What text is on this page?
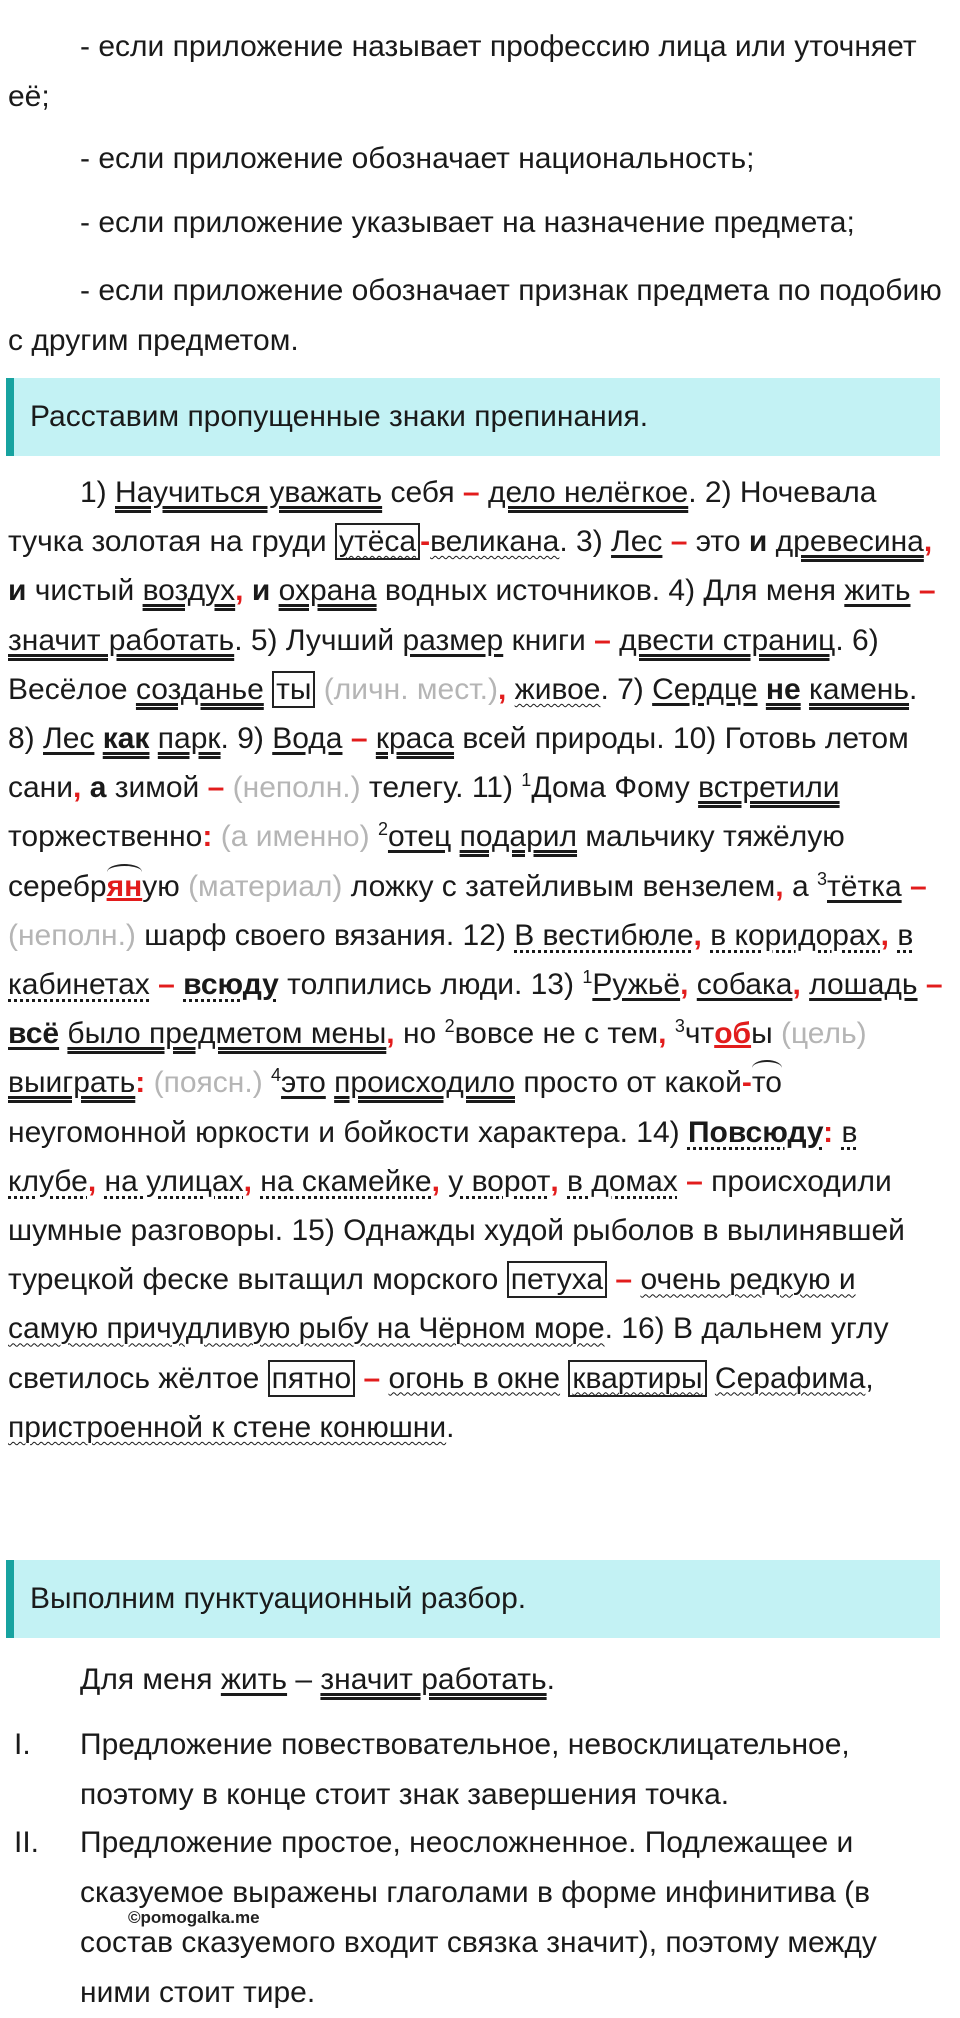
- если приложение называет профессию лица или уточняет её;
- если приложение обозначает национальность;
- если приложение указывает на назначение предмета;
- если приложение обозначает признак предмета по подобию с другим предметом.
Расставим пропущенные знаки препинания.

1) Научиться уважать себя – дело нелёгкое. 2) Ночевала тучка золотая на груди утёса -великана. 3) Лес – это и древесина, и чистый воздух, и охрана водных источников. 4) Для меня жить – значит работать. 5) Лучший размер книги – двести страниц. 6) Весёлое созданье ты (личн. мест.), живое. 7) Сердце не камень. 8) Лес как парк. 9) Вода – краса всей природы. 10) Готовь летом сани, а зимой – (неполн.) телегу. 11) $^1$Дома Фому встретили торжественно: (а именно) $^2$отец подарил мальчику тяжёлую серебряную (материал) ложку с затейливым вензелем, а $^3$тётка – (неполн.) шарф своего вязания. 12) В вестибюле, в коридорах, в кабинетах – всюду толпились люди. 13) $^1$Ружьё, собака, лошадь – всё было предметом мены, но $^2$вовсе не с тем, $^3$чтобы (цель) выиграть: (поясн.) $^4$это происходило просто от какой-то неугомонной юркости и бойкости характера. 14) Повсюду: в клубе, на улицах, на скамейке, у ворот, в домах – происходили шумные разговоры. 15) Однажды худой рыболов в вылинявшей турецкой феске вытащил морского петуха – очень редкую и самую причудливую рыбу на Чёрном море. 16) В дальнем углу светилось жёлтое пятно – огонь в окне квартиры Серафима, пристроенной к стене конюшни.

Выполним пунктуационный разбор.
Для меня жить – значит работать.
I.	Предложение повествовательное, невосклицательное, поэтому в конце стоит знак завершения точка.
II.	Предложение простое, неосложненное. Подлежащее и сказуемое выражены глаголами в форме инфинитива (в состав сказуемого входит связка значит), поэтому между ними стоит тире.
©pomogalka.me
